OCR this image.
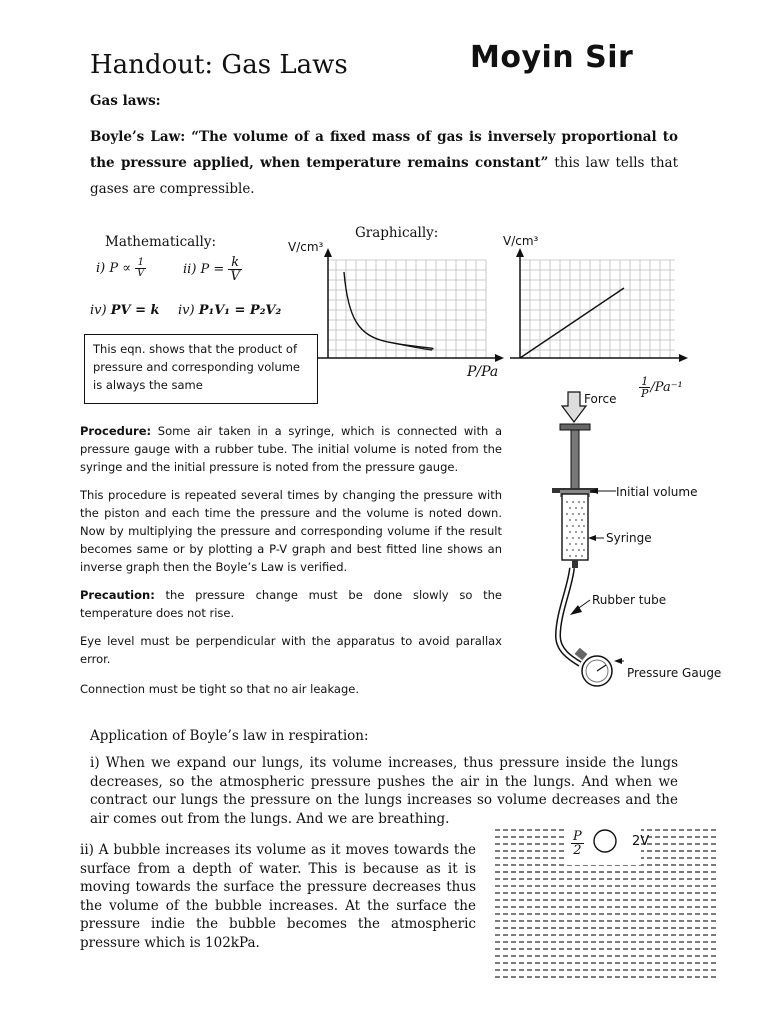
Handout: Gas Laws	Moyin Sir
Gas laws:
Boyle’s Law: “The volume of a fixed mass of gas is inversely proportional to the pressure applied, when temperature remains constant” this law tells that gases are compressible.
Mathematically:
i) $P \propto \frac{1}{V}$	ii) $P = \frac{k}{V}$
iv) PV = k iv) P₁V₁ = P₂V₂
This eqn. shows that the product of pressure and corresponding volume is always the same
Graphically:
V/cm³
P/Pa
V/cm³
$\frac{1}{P} /Pa^{-1}$
Procedure: Some air taken in a syringe, which is connected with a pressure gauge with a rubber tube. The initial volume is noted from the syringe and the initial pressure is noted from the pressure gauge.
This procedure is repeated several times by changing the pressure with the piston and each time the pressure and the volume is noted down. Now by multiplying the pressure and corresponding volume if the result becomes same or by plotting a P-V graph and best fitted line shows an inverse graph then the Boyle’s Law is verified.
Precaution: the pressure change must be done slowly so the temperature does not rise.
Eye level must be perpendicular with the apparatus to avoid parallax error.
Connection must be tight so that no air leakage.
Force
Initial volume
Syringe
Rubber tube
Pressure Gauge
Application of Boyle’s law in respiration:
i) When we expand our lungs, its volume increases, thus pressure inside the lungs decreases, so the atmospheric pressure pushes the air in the lungs. And when we contract our lungs the pressure on the lungs increases so volume decreases and the air comes out from the lungs. And we are breathing.
ii) A bubble increases its volume as it moves towards the surface from a depth of water. This is because as it is moving towards the surface the pressure decreases thus the volume of the bubble increases. At the surface the pressure indie the bubble becomes the atmospheric pressure which is 102kPa.
$\frac{P}{2}$	2V
